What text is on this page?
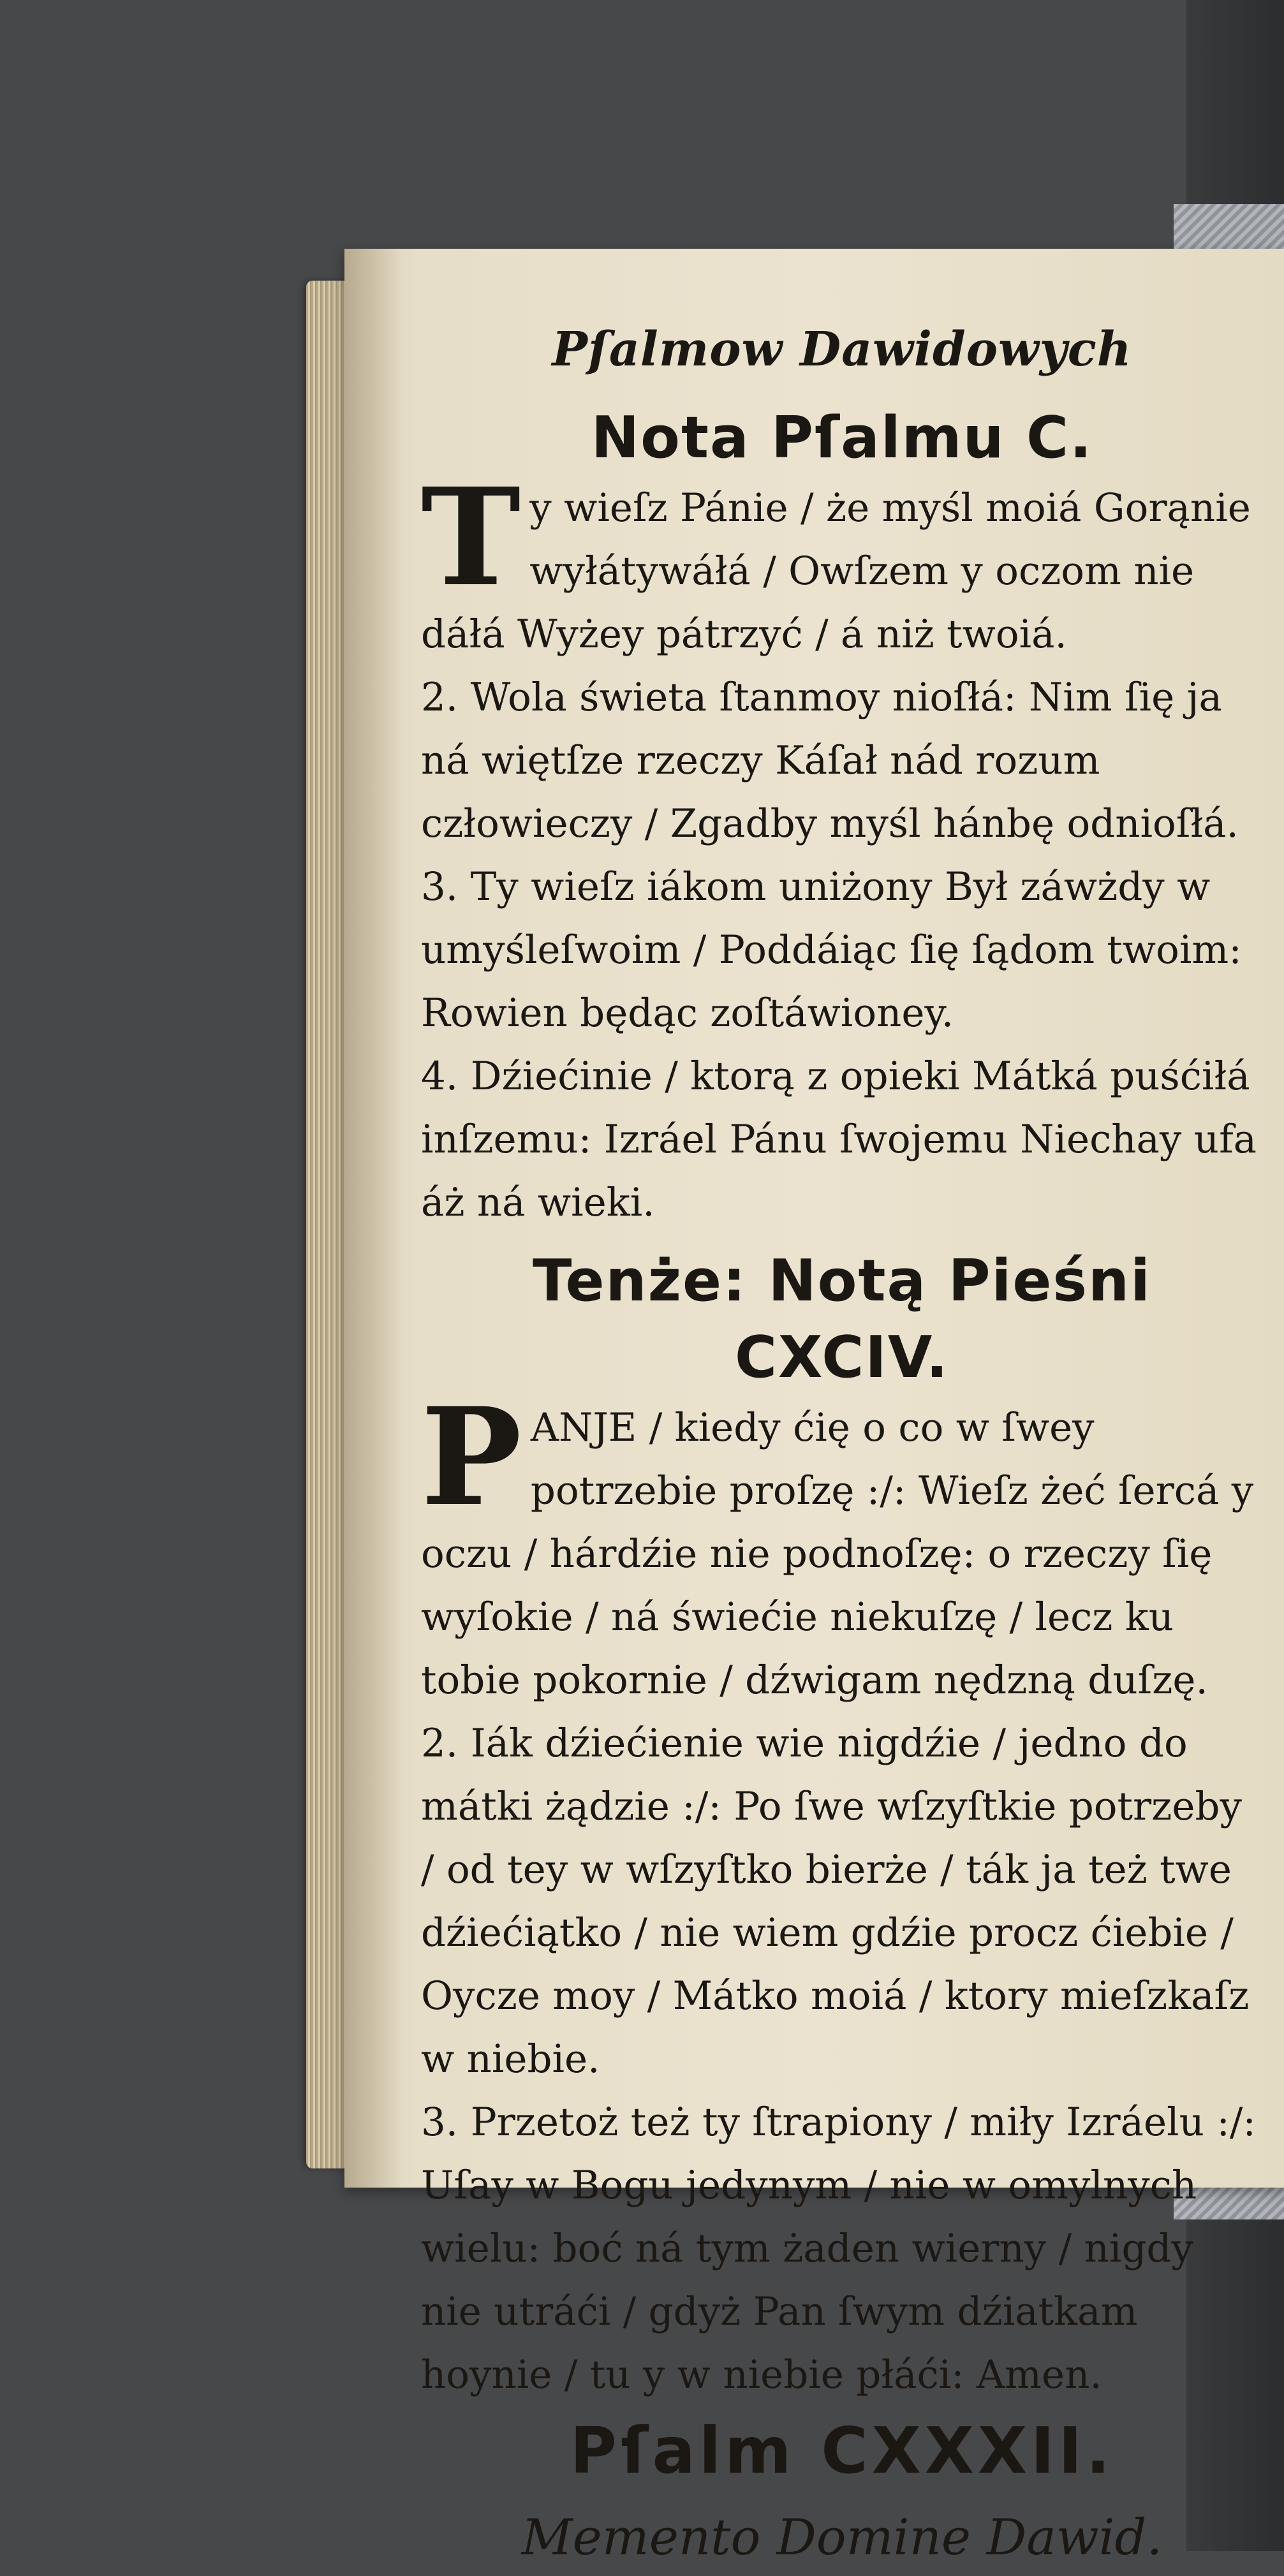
Pſalmow Dawidowych
Nota Pſalmu C.

Ty wieſz Pánie / że myśl moiá Gorąnie wyłátywáłá / Owſzem y oczom nie dáłá Wyżey pátrzyć / á niż twoiá.

2. Wola świeta ſtanmoy nioſłá: Nim ſię ja ná więtſze rzeczy Káſał nád rozum człowieczy / Zgadby myśl hánbę odnioſłá.

3. Ty wieſz iákom uniżony Był záwżdy w umyśleſwoim / Poddáiąc ſię ſądom twoim: Rowien będąc zoſtáwioney.

4. Dźiećinie / ktorą z opieki Mátká puśćiłá inſzemu: Izráel Pánu ſwojemu Niechay ufa áż ná wieki.

Tenże: Notą Pieśni CXCIV.

PANJE / kiedy ćię o co w ſwey potrzebie proſzę :/: Wieſz żeć ſercá y oczu / hárdźie nie podnoſzę: o rzeczy ſię wyſokie / ná świećie niekuſzę / lecz ku tobie pokornie / dźwigam nędzną duſzę.

2. Iák dźiećienie wie nigdźie / jedno do mátki żądzie :/: Po ſwe wſzyſtkie potrzeby / od tey w wſzyſtko bierże / ták ja też twe dźiećiątko / nie wiem gdźie procz ćiebie / Oycze moy / Mátko moiá / ktory mieſzkaſz w niebie.

3. Przetoż też ty ſtrapiony / miły Izráelu :/: Uſay w Bogu jedynym / nie w omylnych wielu: boć ná tym żaden wierny / nigdy nie utráći / gdyż Pan ſwym dźiatkam hoynie / tu y w niebie płáći: Amen.

Pſalm CXXXII.
Memento Domine Dawid.
